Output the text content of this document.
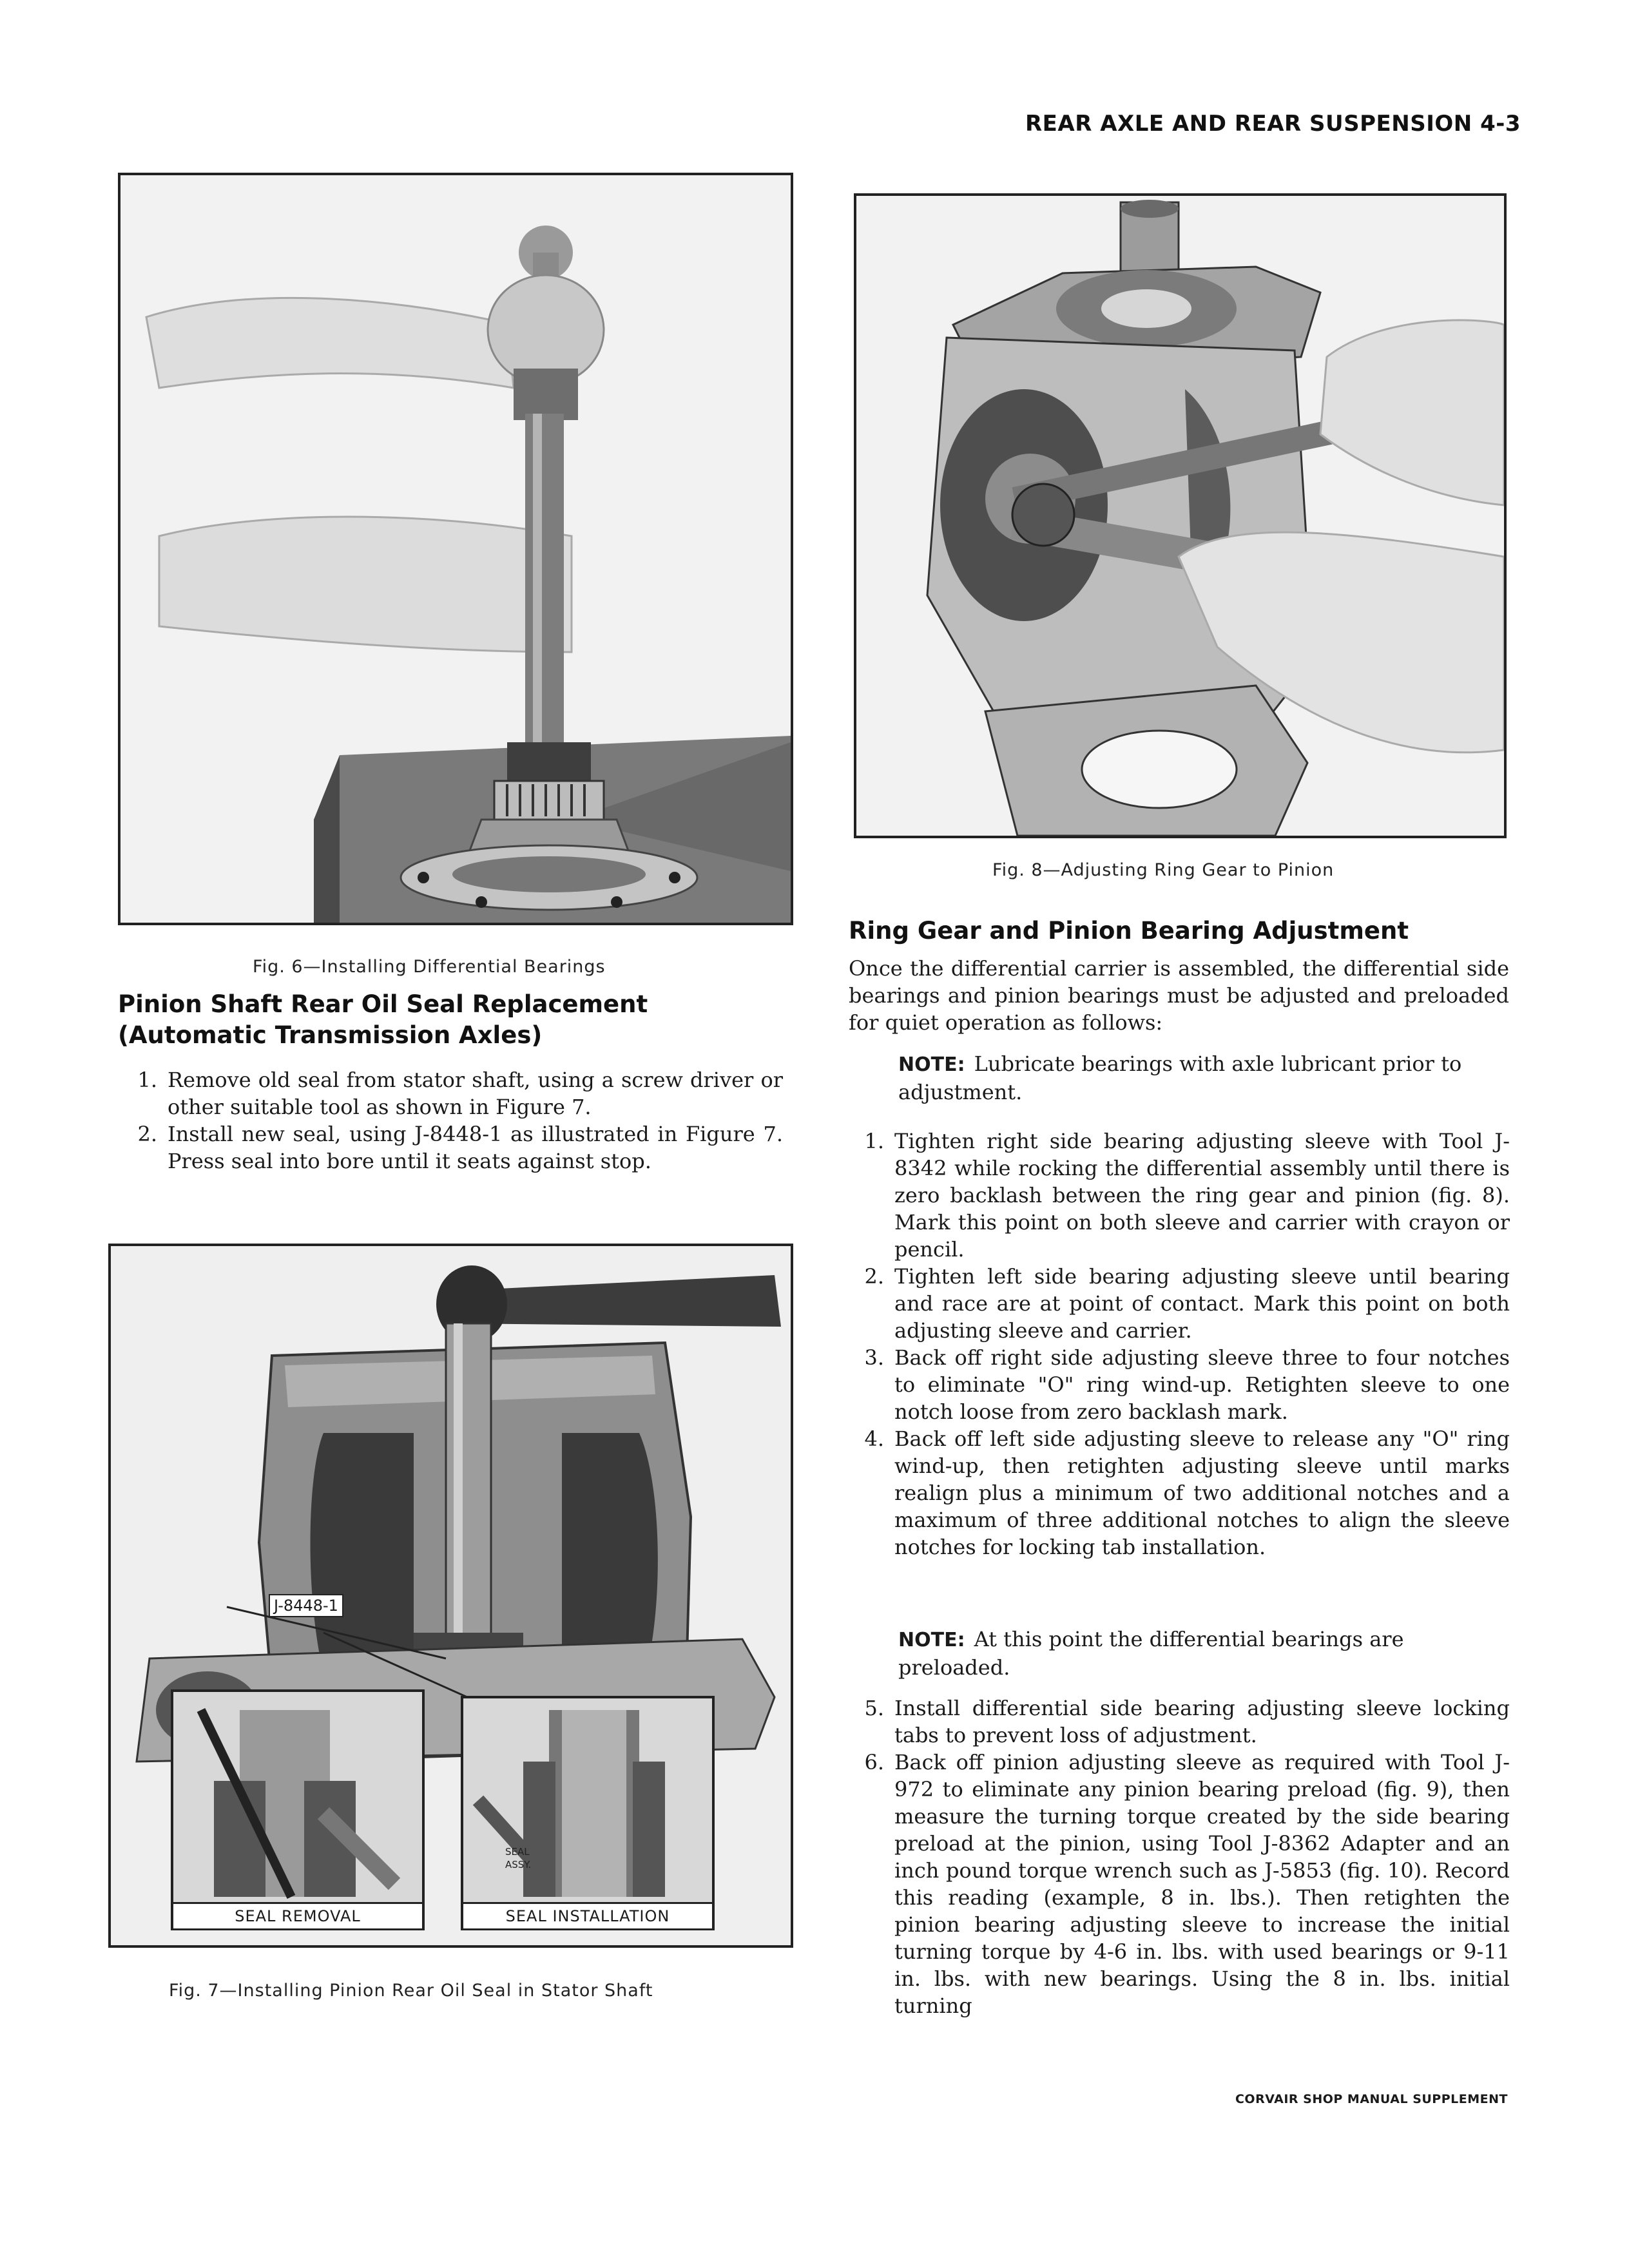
REAR AXLE AND REAR SUSPENSION 4-3
Fig. 6—Installing Differential Bearings
Pinion Shaft Rear Oil Seal Replacement
(Automatic Transmission Axles)
1. Remove old seal from stator shaft, using a screw driver or other suitable tool as shown in Figure 7.
2. Install new seal, using J-8448-1 as illustrated in Figure 7. Press seal into bore until it seats against stop.
J-8448-1
SEAL REMOVAL	SEAL INSTALLATION
SEAL ASSY.
Fig. 7—Installing Pinion Rear Oil Seal in Stator Shaft
Fig. 8—Adjusting Ring Gear to Pinion
Ring Gear and Pinion Bearing Adjustment
Once the differential carrier is assembled, the differential side bearings and pinion bearings must be adjusted and preloaded for quiet operation as follows:
NOTE: Lubricate bearings with axle lubricant prior to adjustment.
1. Tighten right side bearing adjusting sleeve with Tool J-8342 while rocking the differential assembly until there is zero backlash between the ring gear and pinion (fig. 8). Mark this point on both sleeve and carrier with crayon or pencil.
2. Tighten left side bearing adjusting sleeve until bearing and race are at point of contact. Mark this point on both adjusting sleeve and carrier.
3. Back off right side adjusting sleeve three to four notches to eliminate "O" ring wind-up. Retighten sleeve to one notch loose from zero backlash mark.
4. Back off left side adjusting sleeve to release any "O" ring wind-up, then retighten adjusting sleeve until marks realign plus a minimum of two additional notches and a maximum of three additional notches to align the sleeve notches for locking tab installation.
NOTE: At this point the differential bearings are preloaded.
5. Install differential side bearing adjusting sleeve locking tabs to prevent loss of adjustment.
6. Back off pinion adjusting sleeve as required with Tool J-972 to eliminate any pinion bearing preload (fig. 9), then measure the turning torque created by the side bearing preload at the pinion, using Tool J-8362 Adapter and an inch pound torque wrench such as J-5853 (fig. 10). Record this reading (example, 8 in. lbs.). Then retighten the pinion bearing adjusting sleeve to increase the initial turning torque by 4-6 in. lbs. with used bearings or 9-11 in. lbs. with new bearings. Using the 8 in. lbs. initial turning
CORVAIR SHOP MANUAL SUPPLEMENT
